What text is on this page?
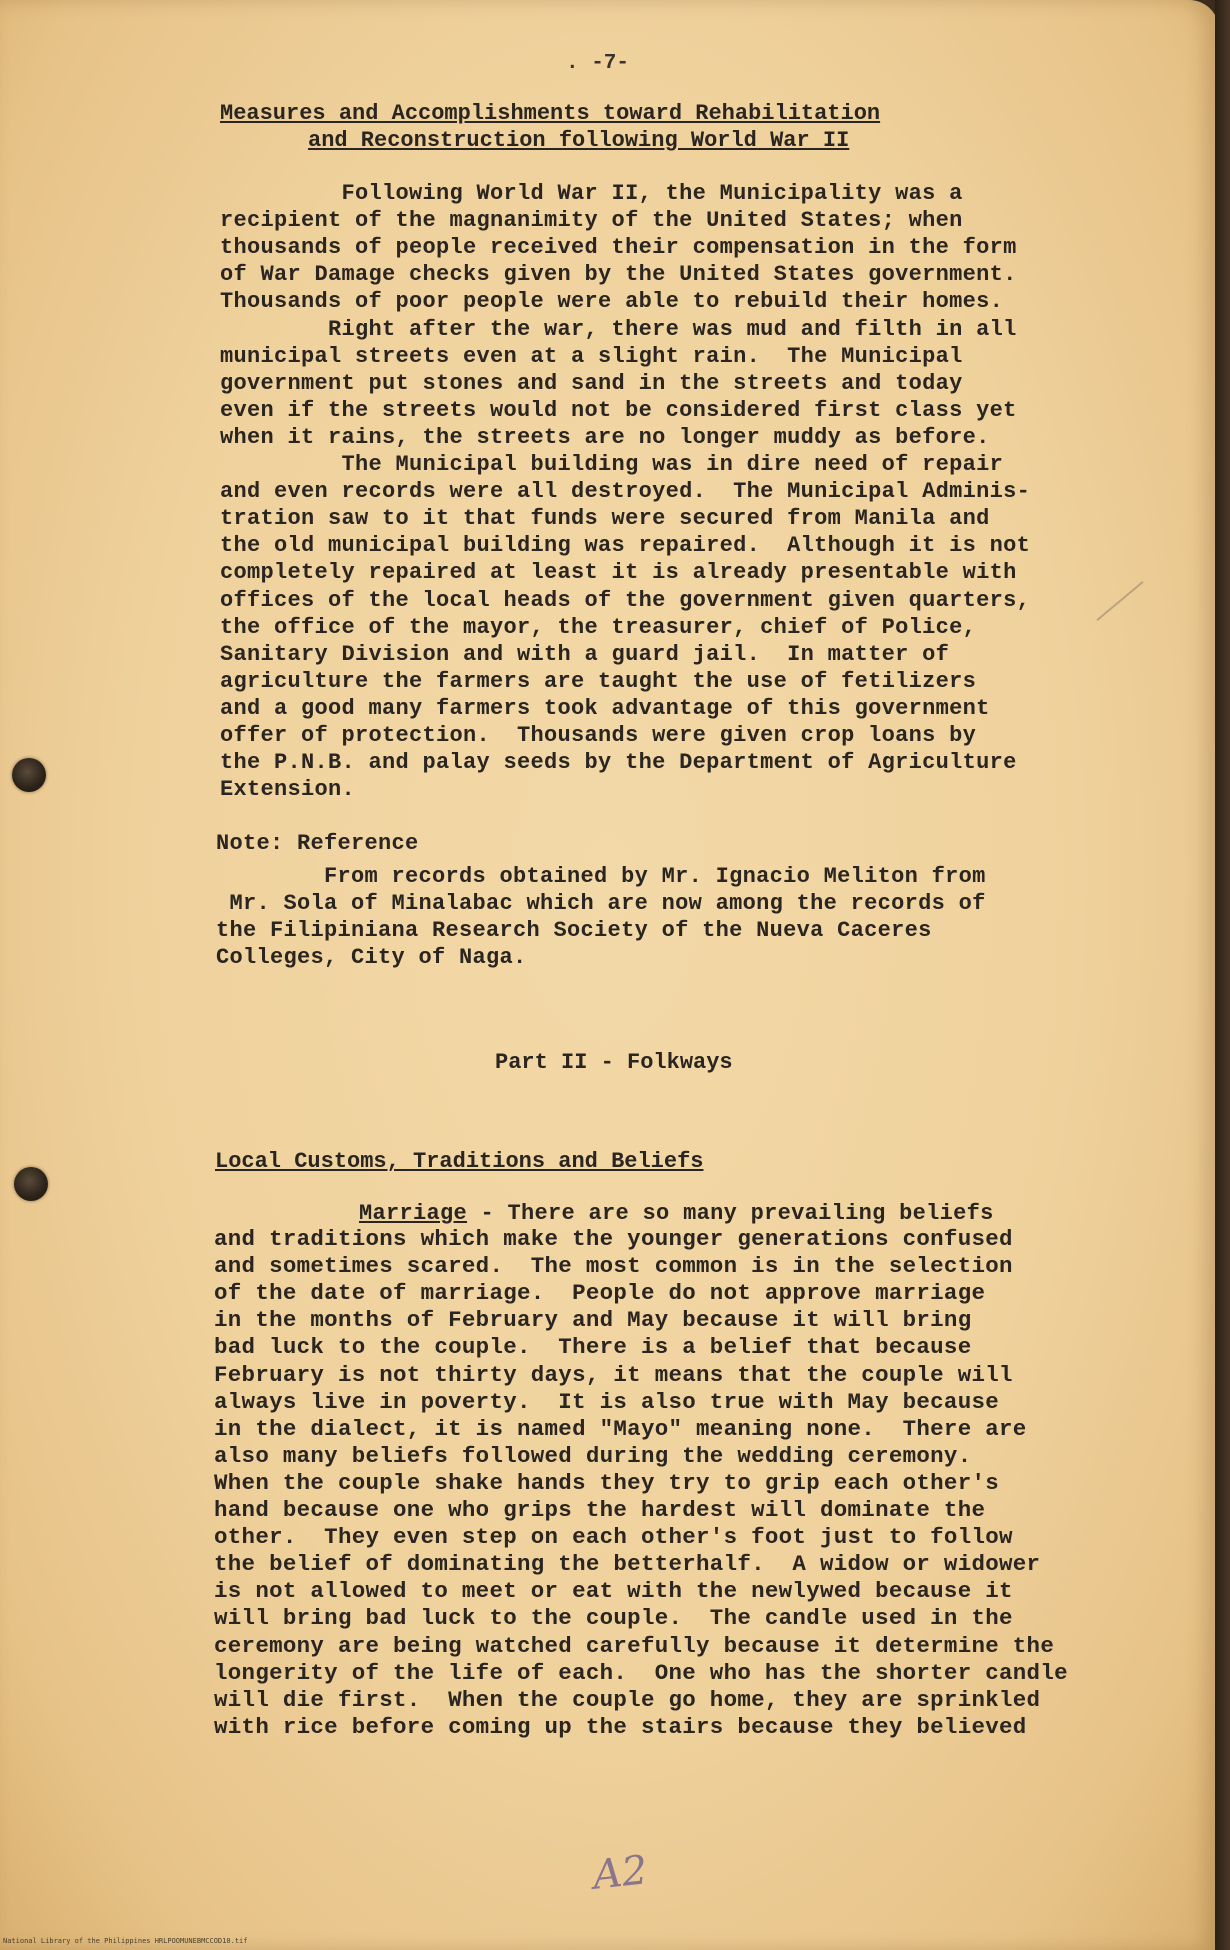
. -7-
Measures and Accomplishments toward Rehabilitation
and Reconstruction following World War II
Following World War II, the Municipality was a
recipient of the magnanimity of the United States; when
thousands of people received their compensation in the form
of War Damage checks given by the United States government.
Thousands of poor people were able to rebuild their homes.
Right after the war, there was mud and filth in all
municipal streets even at a slight rain.  The Municipal
government put stones and sand in the streets and today
even if the streets would not be considered first class yet
when it rains, the streets are no longer muddy as before.
The Municipal building was in dire need of repair
and even records were all destroyed.  The Municipal Adminis-
tration saw to it that funds were secured from Manila and
the old municipal building was repaired.  Although it is not
completely repaired at least it is already presentable with
offices of the local heads of the government given quarters,
the office of the mayor, the treasurer, chief of Police,
Sanitary Division and with a guard jail.  In matter of
agriculture the farmers are taught the use of fetilizers
and a good many farmers took advantage of this government
offer of protection.  Thousands were given crop loans by
the P.N.B. and palay seeds by the Department of Agriculture
Extension.
Note: Reference
From records obtained by Mr. Ignacio Meliton from
Mr. Sola of Minalabac which are now among the records of
the Filipiniana Research Society of the Nueva Caceres
Colleges, City of Naga.
Part II - Folkways
Local Customs, Traditions and Beliefs
Marriage - There are so many prevailing beliefs
and traditions which make the younger generations confused
and sometimes scared.  The most common is in the selection
of the date of marriage.  People do not approve marriage
in the months of February and May because it will bring
bad luck to the couple.  There is a belief that because
February is not thirty days, it means that the couple will
always live in poverty.  It is also true with May because
in the dialect, it is named "Mayo" meaning none.  There are
also many beliefs followed during the wedding ceremony.
When the couple shake hands they try to grip each other's
hand because one who grips the hardest will dominate the
other.  They even step on each other's foot just to follow
the belief of dominating the betterhalf.  A widow or widower
is not allowed to meet or eat with the newlywed because it
will bring bad luck to the couple.  The candle used in the
ceremony are being watched carefully because it determine the
longerity of the life of each.  One who has the shorter candle
will die first.  When the couple go home, they are sprinkled
with rice before coming up the stairs because they believed
A2
National Library of the Philippines HRLPOOMUNEBMCCOD10.tif
